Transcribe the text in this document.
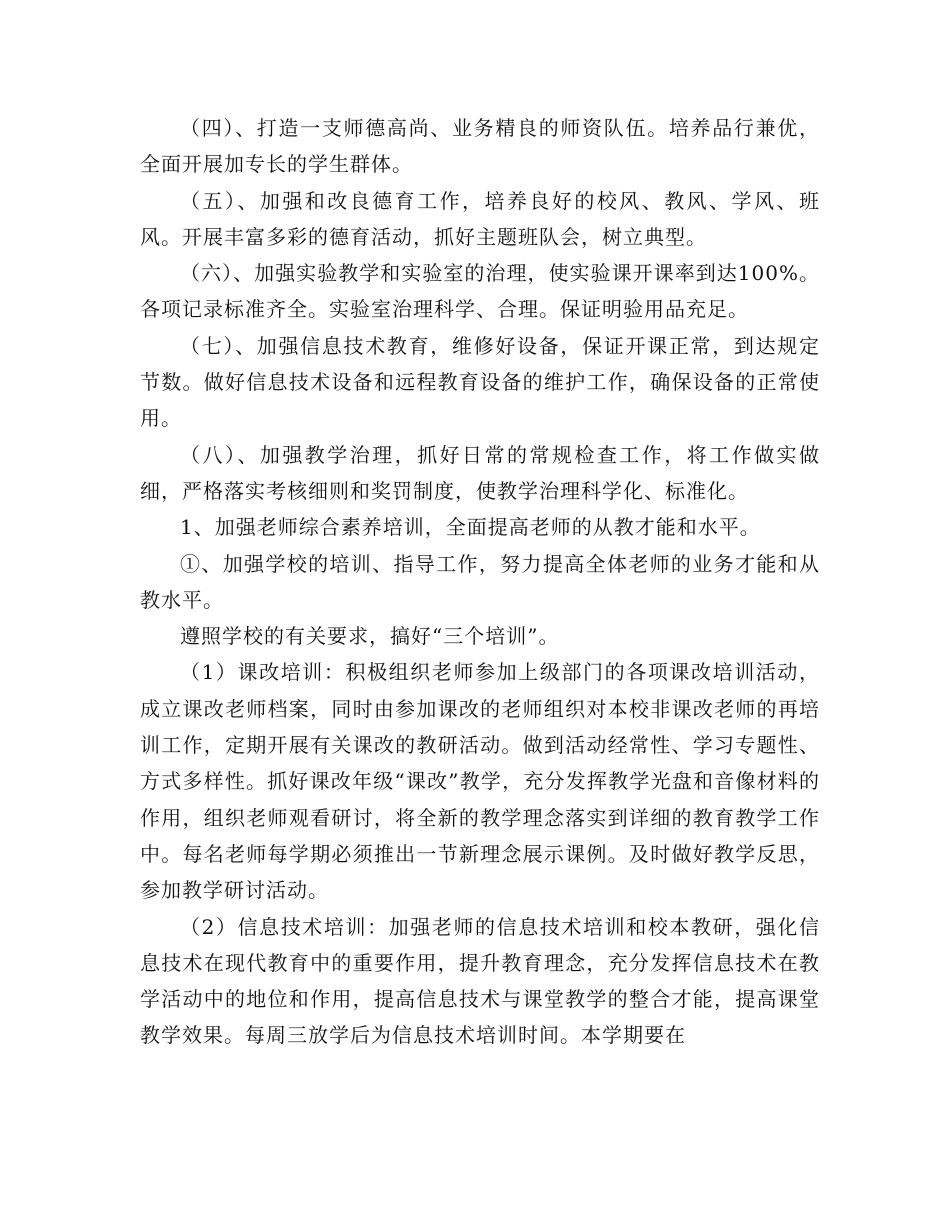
（四）、打造一支师德高尚、业务精良的师资队伍。培养品行兼优，全面开展加专长的学生群体。

（五）、加强和改良德育工作，培养良好的校风、教风、学风、班风。开展丰富多彩的德育活动，抓好主题班队会，树立典型。

（六）、加强实验教学和实验室的治理，使实验课开课率到达100%。各项记录标准齐全。实验室治理科学、合理。保证明验用品充足。

（七）、加强信息技术教育，维修好设备，保证开课正常，到达规定节数。做好信息技术设备和远程教育设备的维护工作，确保设备的正常使用。

（八）、加强教学治理，抓好日常的常规检查工作，将工作做实做细，严格落实考核细则和奖罚制度，使教学治理科学化、标准化。

1、加强老师综合素养培训，全面提高老师的从教才能和水平。

①、加强学校的培训、指导工作，努力提高全体老师的业务才能和从教水平。

遵照学校的有关要求，搞好“三个培训”。

（1）课改培训：积极组织老师参加上级部门的各项课改培训活动，成立课改老师档案，同时由参加课改的老师组织对本校非课改老师的再培训工作，定期开展有关课改的教研活动。做到活动经常性、学习专题性、方式多样性。抓好课改年级“课改”教学，充分发挥教学光盘和音像材料的作用，组织老师观看研讨，将全新的教学理念落实到详细的教育教学工作中。每名老师每学期必须推出一节新理念展示课例。及时做好教学反思，参加教学研讨活动。

（2）信息技术培训：加强老师的信息技术培训和校本教研，强化信息技术在现代教育中的重要作用，提升教育理念，充分发挥信息技术在教学活动中的地位和作用，提高信息技术与课堂教学的整合才能，提高课堂教学效果。每周三放学后为信息技术培训时间。本学期要在
